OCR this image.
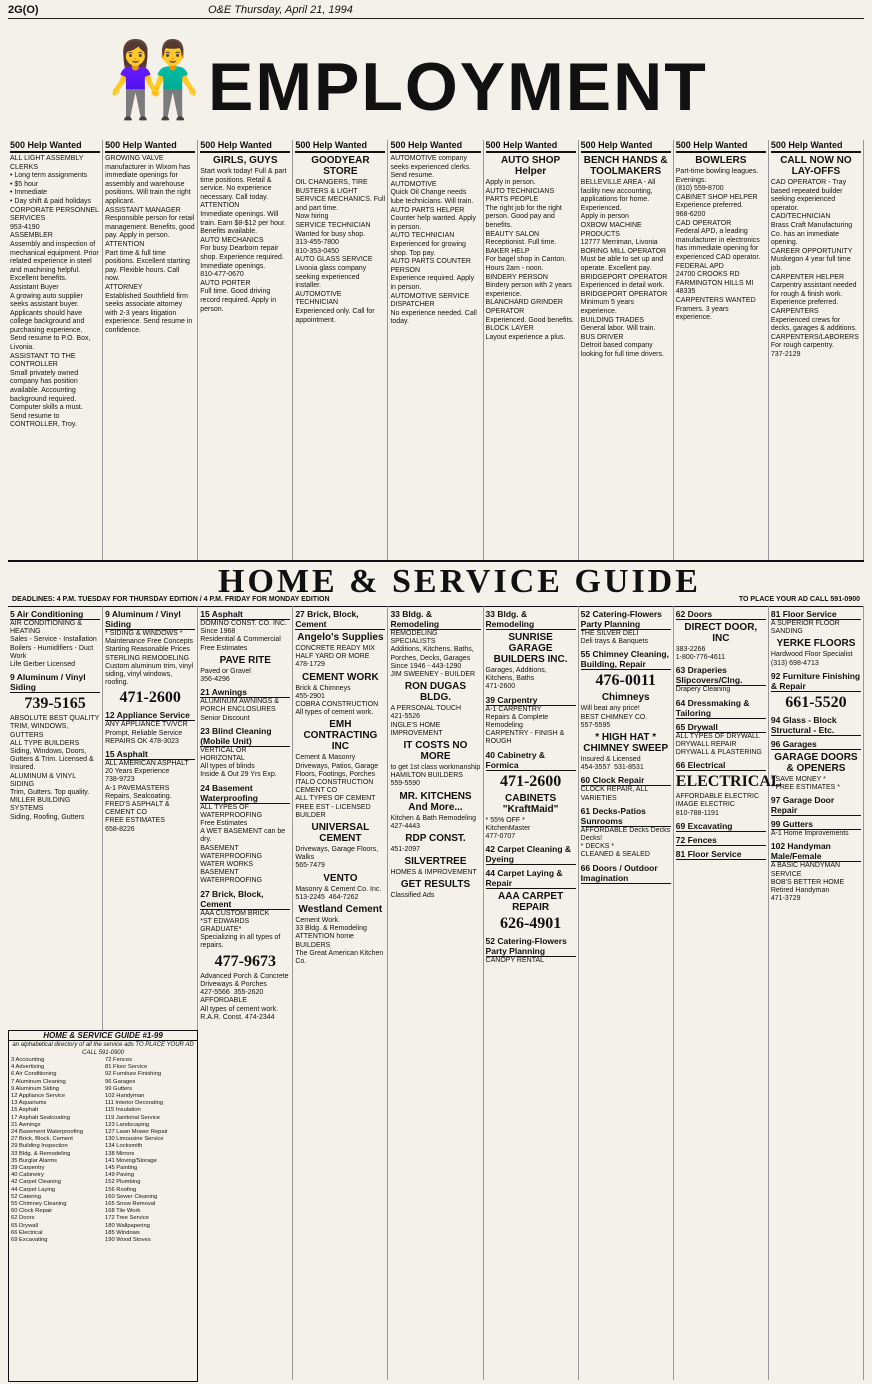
2G(O)	O&E Thursday, April 21, 1994
👫 EMPLOYMENT
500 Help Wanted
ALL LIGHT ASSEMBLY CLERKS
• Long term assignments
• $5 hour
• Immediate
• Day shift & paid holidays
CORPORATE PERSONNEL SERVICES
953-4190
ASSEMBLER
Assembly and inspection of mechanical equipment. Prior related experience in steel and machining helpful. Excellent benefits.
Assistant Buyer
A growing auto supplier seeks assistant buyer. Applicants should have college background and purchasing experience. Send resume to P.O. Box, Livonia.
ASSISTANT TO THE CONTROLLER
Small privately owned company has position available. Accounting background required. Computer skills a must. Send resume to CONTROLLER, Troy.
500 Help Wanted
GROWING VALVE manufacturer in Wixom has immediate openings for assembly and warehouse positions. Will train the right applicant.
ASSISTANT MANAGER
Responsible person for retail management. Benefits, good pay. Apply in person.
ATTENTION
Part time & full time positions. Excellent starting pay. Flexible hours. Call now.
ATTORNEY
Established Southfield firm seeks associate attorney with 2-3 years litigation experience. Send resume in confidence.
500 Help Wanted
GIRLS, GUYS
Start work today! Full & part time positions. Retail & service. No experience necessary. Call today.
ATTENTION
Immediate openings. Will train. Earn $8-$12 per hour. Benefits available.
AUTO MECHANICS
For busy Dearborn repair shop. Experience required. Immediate openings.
810-477-0670
AUTO PORTER
Full time. Good driving record required. Apply in person.
500 Help Wanted
GOODYEAR STORE
OIL CHANGERS, TIRE BUSTERS & LIGHT SERVICE MECHANICS. Full and part time.
Now hiring
SERVICE TECHNICIAN
Wanted for busy shop.
313-455-7800
810-353-0450
AUTO GLASS SERVICE
Livonia glass company seeking experienced installer.
AUTOMOTIVE TECHNICIAN
Experienced only. Call for appointment.
500 Help Wanted
AUTOMOTIVE company seeks experienced clerks. Send resume.
AUTOMOTIVE
Quick Oil Change needs lube technicians. Will train.
AUTO PARTS HELPER
Counter help wanted. Apply in person.
AUTO TECHNICIAN
Experienced for growing shop. Top pay.
AUTO PARTS COUNTER PERSON
Experience required. Apply in person.
AUTOMOTIVE SERVICE DISPATCHER
No experience needed. Call today.
500 Help Wanted
AUTO SHOP Helper
Apply in person.
AUTO TECHNICIANS PARTS PEOPLE
The right job for the right person. Good pay and benefits.
BEAUTY SALON
Receptionist. Full time.
BAKER HELP
For bagel shop in Canton. Hours 2am - noon.
BINDERY PERSON
Bindery person with 2 years experience.
BLANCHARD GRINDER OPERATOR
Experienced. Good benefits.
BLOCK LAYER
Layout experience a plus.
500 Help Wanted
BENCH HANDS & TOOLMAKERS
BELLEVILLE AREA - All facility new accounting, applications for home. Experienced.
Apply in person
OXBOW MACHINE PRODUCTS
12777 Merriman, Livonia
BORING MILL OPERATOR
Must be able to set up and operate. Excellent pay.
BRIDGEPORT OPERATOR
Experienced in detail work.
BRIDGEPORT OPERATOR
Minimum 5 years experience.
BUILDING TRADES
General labor. Will train.
BUS DRIVER
Detroit based company looking for full time drivers.
500 Help Wanted
BOWLERS
Part-time bowling leagues. Evenings.
(810) 559-8700
CABINET SHOP HELPER
Experience preferred.
968-6200
CAD OPERATOR
Federal APD, a leading manufacturer in electronics has immediate opening for experienced CAD operator.
FEDERAL APD
24700 CROOKS RD
FARMINGTON HILLS MI 48335
CARPENTERS WANTED
Framers. 3 years experience.
500 Help Wanted
CALL NOW NO LAY-OFFS
CAD OPERATOR - Tray based repeated builder seeking experienced operator.
CAD/TECHNICIAN
Brass Craft Manufacturing Co. has an immediate opening.
CAREER OPPORTUNITY
Muskegon 4 year full time job.
CARPENTER HELPER
Carpentry assistant needed for rough & finish work. Experience preferred.
CARPENTERS
Experienced crews for decks, garages & additions.
CARPENTERS/LABORERS
For rough carpentry.
737-2129
HOME & SERVICE GUIDE
DEADLINES: 4 P.M. TUESDAY FOR THURSDAY EDITION / 4 P.M. FRIDAY FOR MONDAY EDITION	TO PLACE YOUR AD CALL 591-0900
5 Air Conditioning
AIR CONDITIONING & HEATING
Sales - Service - Installation
Boilers - Humidifiers - Duct Work
Life Gerber Licensed
9 Aluminum / Vinyl Siding
739-5165
ABSOLUTE BEST QUALITY
TRIM, WINDOWS, GUTTERS
ALL TYPE BUILDERS
Siding, Windows, Doors, Gutters & Trim. Licensed & Insured.
ALUMINUM & VINYL SIDING
Trim, Gutters. Top quality.
MILLER BUILDING SYSTEMS
Siding, Roofing, Gutters
9 Aluminum / Vinyl Siding
* SIDING & WINDOWS *
Maintenance Free Concepts
Starting Reasonable Prices
STERLING REMODELING
Custom aluminum trim, vinyl siding, vinyl windows, roofing.
471-2600
12 Appliance Service
ANY APPLIANCE TV/VCR
Prompt, Reliable Service
REPAIRS OK 478-3023
15 Asphalt
ALL AMERICAN ASPHALT
20 Years Experience
738-9723
A-1 PAVEMASTERS
Repairs, Sealcoating.
FRED'S ASPHALT & CEMENT CO
FREE ESTIMATES
658-8226
15 Asphalt
DOMINO CONST. CO. INC.
Since 1968
Residential & Commercial
Free Estimates
PAVE RITE
Paved or Gravel
356-4296
21 Awnings
ALUMINUM AWNINGS & PORCH ENCLOSURES
Senior Discount
23 Blind Cleaning (Mobile Unit)
VERTICAL OR HORIZONTAL
All types of blinds
Inside & Out 29 Yrs Exp.
24 Basement Waterproofing
ALL TYPES OF WATERPROOFING
Free Estimates
A WET BASEMENT can be dry.
BASEMENT WATERPROOFING
WATER WORKS BASEMENT WATERPROOFING
27 Brick, Block, Cement
AAA CUSTOM BRICK
*ST EDWARDS GRADUATE*
Specializing in all types of repairs.
477-9673
Advanced Porch & Concrete
Driveways & Porches
427-5566  355-2620
AFFORDABLE
All types of cement work.
R.A.R. Const. 474-2344
27 Brick, Block, Cement
Angelo's Supplies
CONCRETE READY MIX
HALF YARD OR MORE
478-1729
CEMENT WORK
Brick & Chimneys
455-2901
COBRA CONSTRUCTION
All types of cement work.
EMH CONTRACTING INC
Cement & Masonry
Driveways, Patios, Garage Floors, Footings, Porches
ITALO CONSTRUCTION CEMENT CO
ALL TYPES OF CEMENT
FREE EST - LICENSED BUILDER
UNIVERSAL CEMENT
Driveways, Garage Floors, Walks
565-7479
VENTO
Masonry & Cement Co. Inc.
513-2245  464-7262
Westland Cement
Cement Work.
33 Bldg. & Remodeling
ATTENTION home BUILDERS
The Great American Kitchen Co.
33 Bldg. & Remodeling
REMODELING SPECIALISTS
Additions, Kitchens, Baths, Porches, Decks, Garages
Since 1946 - 443-1290
JIM SWEENEY - BUILDER
RON DUGAS BLDG.
A PERSONAL TOUCH
421-5526
INGLE'S HOME IMPROVEMENT
IT COSTS NO MORE
to get 1st class workmanship
HAMILTON BUILDERS
559-5590
MR. KITCHENS And More...
Kitchen & Bath Remodeling
427-4443
RDP CONST.
451-2097
SILVERTREE
HOMES & IMPROVEMENT
GET RESULTS
Classified Ads
33 Bldg. & Remodeling
SUNRISE GARAGE BUILDERS INC.
Garages, Additions, Kitchens, Baths
471-2600
39 Carpentry
A-1 CARPENTRY
Repairs & Complete Remodeling
CARPENTRY - FINISH & ROUGH
40 Cabinetry & Formica
471-2600
CABINETS "KraftMaid"
* 55% OFF *
KitchenMaster
477-0707
42 Carpet Cleaning & Dyeing
44 Carpet Laying & Repair
AAA CARPET REPAIR
626-4901
52 Catering-Flowers Party Planning
CANOPY RENTAL
52 Catering-Flowers Party Planning
THE SILVER DELI
Deli trays & Banquets
55 Chimney Cleaning, Building, Repair
476-0011
Chimneys
Will beat any price!
BEST CHIMNEY CO.
557-5595
* HIGH HAT * CHIMNEY SWEEP
Insured & Licensed
454-3557  531-8531
60 Clock Repair
CLOCK REPAIR, ALL VARIETIES
61 Decks-Patios Sunrooms
AFFORDABLE Decks Decks Decks!
* DECKS *
CLEANED & SEALED
66 Doors / Outdoor Imagination
62 Doors
DIRECT DOOR, INC
383-2266
1-800-776-4611
63 Draperies Slipcovers/Clng.
Drapery Cleaning
64 Dressmaking & Tailoring
65 Drywall
ALL TYPES OF DRYWALL
DRYWALL REPAIR
DRYWALL & PLASTERING
66 Electrical
ELECTRICAL
AFFORDABLE ELECTRIC
IMAGE ELECTRIC
810-788-1191
69 Excavating
72 Fences
81 Floor Service
81 Floor Service
A SUPERIOR FLOOR SANDING
YERKE FLOORS
Hardwood Floor Specialist
(313) 698-4713
92 Furniture Finishing & Repair
661-5520
94 Glass - Block Structural - Etc.
96 Garages
GARAGE DOORS & OPENERS
* SAVE MONEY *
* FREE ESTIMATES *
97 Garage Door Repair
99 Gutters
A-1 Home Improvements
102 Handyman Male/Female
A BASIC HANDYMAN SERVICE
BOB'S BETTER HOME
Retired Handyman
471-3729
HOME & SERVICE GUIDE #1-99
an alphabetical directory of all the service ads TO PLACE YOUR AD CALL 591-0900
3 Accounting
4 Advertising
6 Air Conditioning
7 Aluminum Cleaning
9 Aluminum Siding
12 Appliance Service
13 Aquariums
15 Asphalt
17 Asphalt Sealcoating
21 Awnings
24 Basement Waterproofing
27 Brick, Block, Cement
29 Building Inspection
33 Bldg. & Remodeling
35 Burglar Alarms
39 Carpentry
40 Cabinetry
42 Carpet Cleaning
44 Carpet Laying
52 Catering
55 Chimney Cleaning
60 Clock Repair
62 Doors
65 Drywall
66 Electrical
69 Excavating
72 Fences
81 Floor Service
92 Furniture Finishing
96 Garages
99 Gutters
102 Handyman
111 Interior Decorating
115 Insulation
119 Janitorial Service
123 Landscaping
127 Lawn Mower Repair
130 Limousine Service
134 Locksmith
138 Mirrors
141 Moving/Storage
145 Painting
149 Paving
152 Plumbing
156 Roofing
160 Sewer Cleaning
165 Snow Removal
168 Tile Work
172 Tree Service
180 Wallpapering
185 Windows
190 Wood Stoves
